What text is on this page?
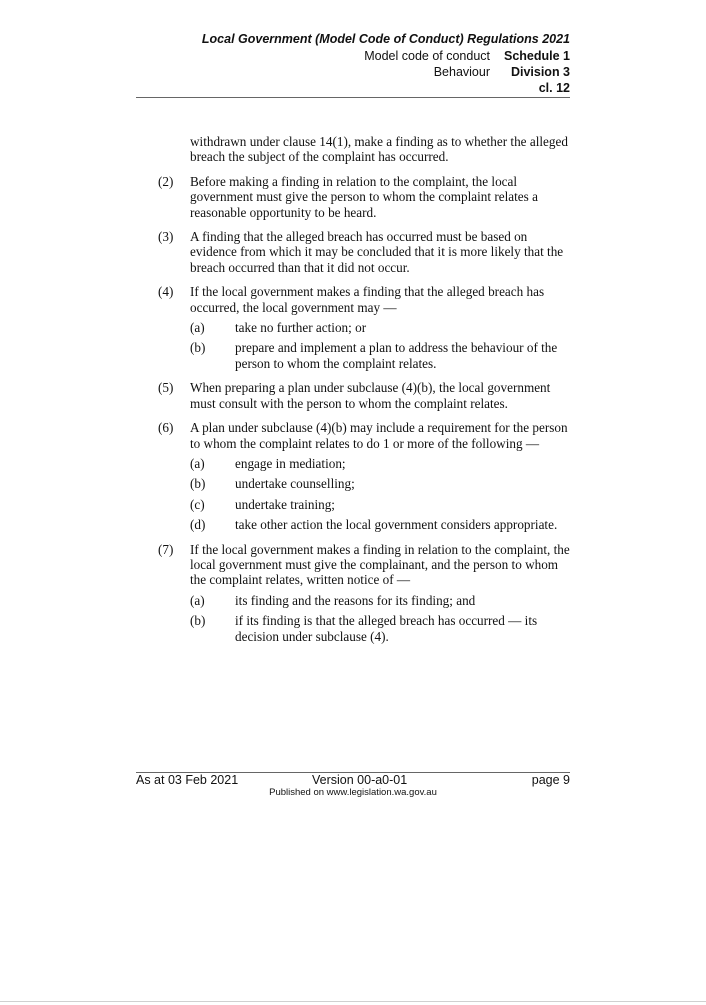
Local Government (Model Code of Conduct) Regulations 2021
Model code of conduct Schedule 1
Behaviour Division 3
cl. 12

withdrawn under clause 14(1), make a finding as to whether the alleged breach the subject of the complaint has occurred.

(2) Before making a finding in relation to the complaint, the local government must give the person to whom the complaint relates a reasonable opportunity to be heard.

(3) A finding that the alleged breach has occurred must be based on evidence from which it may be concluded that it is more likely that the breach occurred than that it did not occur.

(4) If the local government makes a finding that the alleged breach has occurred, the local government may —

(a) take no further action; or

(b) prepare and implement a plan to address the behaviour of the person to whom the complaint relates.

(5) When preparing a plan under subclause (4)(b), the local government must consult with the person to whom the complaint relates.

(6) A plan under subclause (4)(b) may include a requirement for the person to whom the complaint relates to do 1 or more of the following —

(a) engage in mediation;

(b) undertake counselling;

(c) undertake training;

(d) take other action the local government considers appropriate.

(7) If the local government makes a finding in relation to the complaint, the local government must give the complainant, and the person to whom the complaint relates, written notice of —

(a) its finding and the reasons for its finding; and

(b) if its finding is that the alleged breach has occurred — its decision under subclause (4).

As at 03 Feb 2021	Version 00-a0-01	page 9
Published on www.legislation.wa.gov.au
